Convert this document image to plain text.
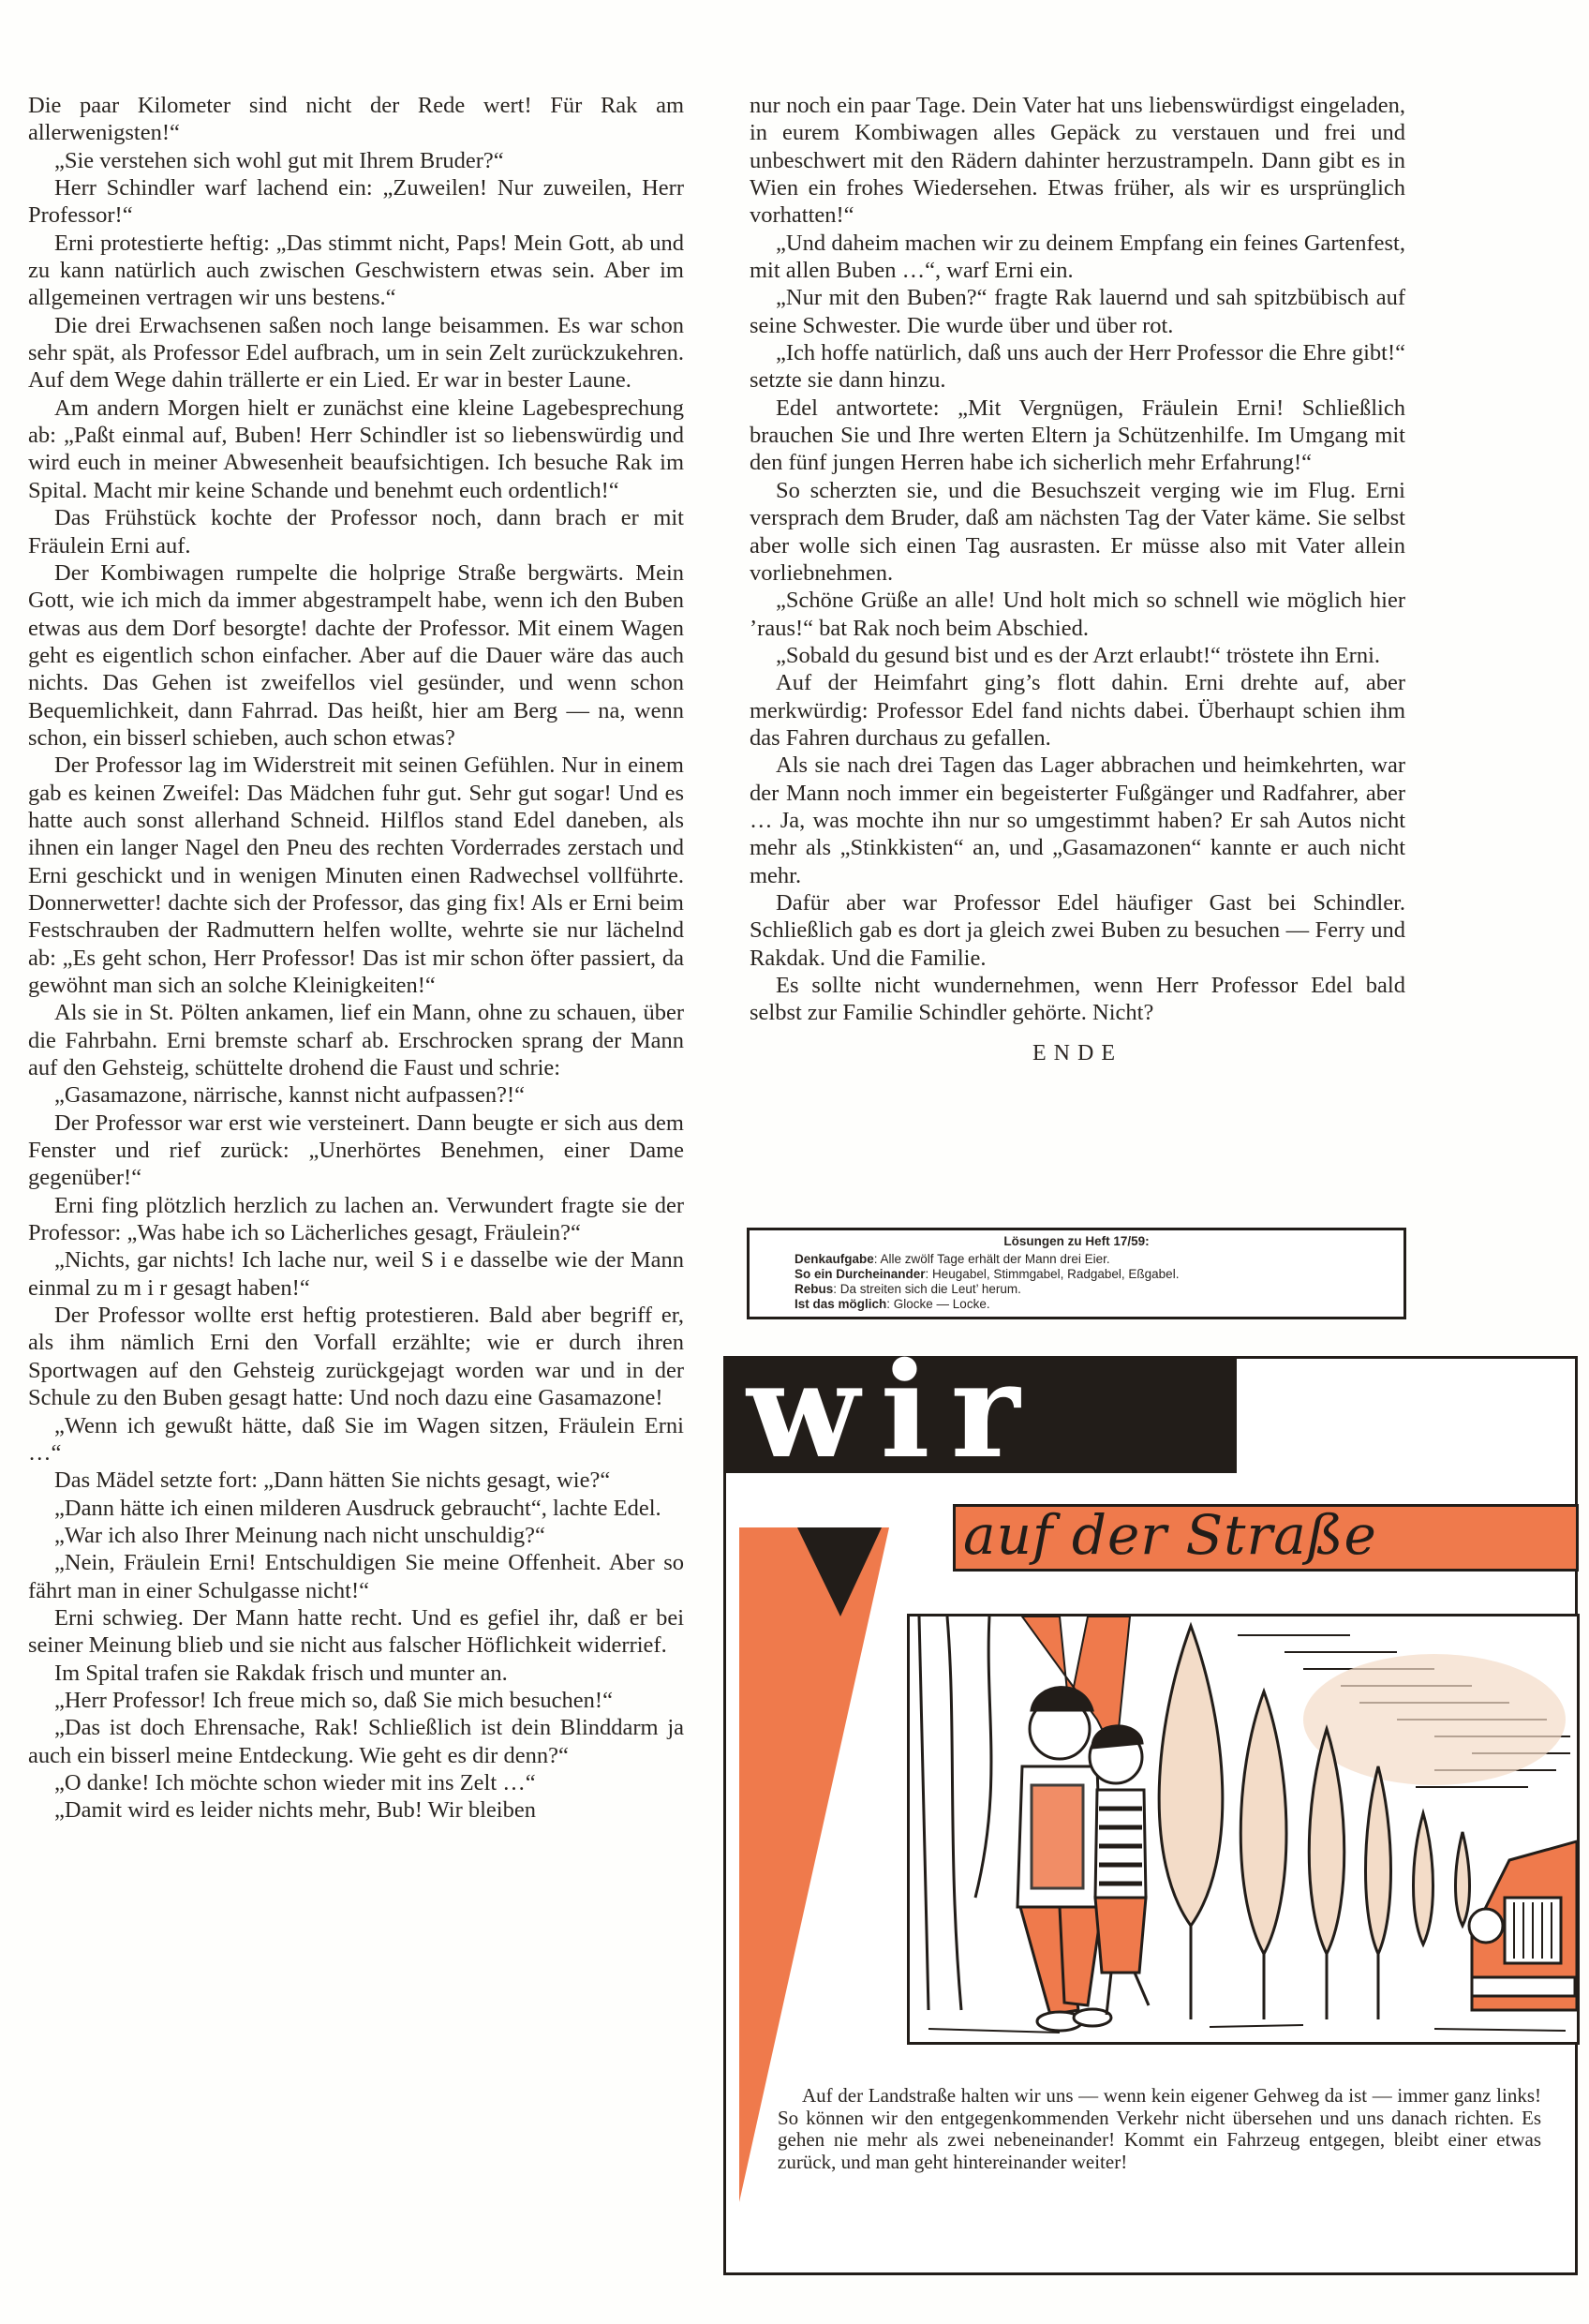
Die paar Kilometer sind nicht der Rede wert! Für Rak am allerwenigsten!“

„Sie verstehen sich wohl gut mit Ihrem Bruder?“

Herr Schindler warf lachend ein: „Zuweilen! Nur zuweilen, Herr Professor!“

Erni protestierte heftig: „Das stimmt nicht, Paps! Mein Gott, ab und zu kann natürlich auch zwischen Geschwistern etwas sein. Aber im allgemeinen vertragen wir uns bestens.“

Die drei Erwachsenen saßen noch lange beisammen. Es war schon sehr spät, als Professor Edel aufbrach, um in sein Zelt zurückzukehren. Auf dem Wege dahin trällerte er ein Lied. Er war in bester Laune.

Am andern Morgen hielt er zunächst eine kleine Lagebesprechung ab: „Paßt einmal auf, Buben! Herr Schindler ist so liebenswürdig und wird euch in meiner Abwesenheit beaufsichtigen. Ich besuche Rak im Spital. Macht mir keine Schande und benehmt euch ordentlich!“

Das Frühstück kochte der Professor noch, dann brach er mit Fräulein Erni auf.

Der Kombiwagen rumpelte die holprige Straße bergwärts. Mein Gott, wie ich mich da immer abgestrampelt habe, wenn ich den Buben etwas aus dem Dorf besorgte! dachte der Professor. Mit einem Wagen geht es eigentlich schon einfacher. Aber auf die Dauer wäre das auch nichts. Das Gehen ist zweifellos viel gesünder, und wenn schon Bequemlichkeit, dann Fahrrad. Das heißt, hier am Berg — na, wenn schon, ein bisserl schieben, auch schon etwas?

Der Professor lag im Widerstreit mit seinen Gefühlen. Nur in einem gab es keinen Zweifel: Das Mädchen fuhr gut. Sehr gut sogar! Und es hatte auch sonst allerhand Schneid. Hilflos stand Edel daneben, als ihnen ein langer Nagel den Pneu des rechten Vorderrades zerstach und Erni geschickt und in wenigen Minuten einen Radwechsel vollführte. Donnerwetter! dachte sich der Professor, das ging fix! Als er Erni beim Festschrauben der Radmuttern helfen wollte, wehrte sie nur lächelnd ab: „Es geht schon, Herr Professor! Das ist mir schon öfter passiert, da gewöhnt man sich an solche Kleinigkeiten!“

Als sie in St. Pölten ankamen, lief ein Mann, ohne zu schauen, über die Fahrbahn. Erni bremste scharf ab. Erschrocken sprang der Mann auf den Gehsteig, schüttelte drohend die Faust und schrie:

„Gasamazone, närrische, kannst nicht aufpassen?!“

Der Professor war erst wie versteinert. Dann beugte er sich aus dem Fenster und rief zurück: „Unerhörtes Benehmen, einer Dame gegenüber!“

Erni fing plötzlich herzlich zu lachen an. Verwundert fragte sie der Professor: „Was habe ich so Lächerliches gesagt, Fräulein?“

„Nichts, gar nichts! Ich lache nur, weil S i e dasselbe wie der Mann einmal zu m i r gesagt haben!“

Der Professor wollte erst heftig protestieren. Bald aber begriff er, als ihm nämlich Erni den Vorfall erzählte; wie er durch ihren Sportwagen auf den Gehsteig zurückgejagt worden war und in der Schule zu den Buben gesagt hatte: Und noch dazu eine Gasamazone!

„Wenn ich gewußt hätte, daß Sie im Wagen sitzen, Fräulein Erni …“

Das Mädel setzte fort: „Dann hätten Sie nichts gesagt, wie?“

„Dann hätte ich einen milderen Ausdruck gebraucht“, lachte Edel.

„War ich also Ihrer Meinung nach nicht unschuldig?“

„Nein, Fräulein Erni! Entschuldigen Sie meine Offenheit. Aber so fährt man in einer Schulgasse nicht!“

Erni schwieg. Der Mann hatte recht. Und es gefiel ihr, daß er bei seiner Meinung blieb und sie nicht aus falscher Höflichkeit widerrief.

Im Spital trafen sie Rakdak frisch und munter an.

„Herr Professor! Ich freue mich so, daß Sie mich besuchen!“

„Das ist doch Ehrensache, Rak! Schließlich ist dein Blinddarm ja auch ein bisserl meine Entdeckung. Wie geht es dir denn?“

„O danke! Ich möchte schon wieder mit ins Zelt …“

„Damit wird es leider nichts mehr, Bub! Wir bleiben

nur noch ein paar Tage. Dein Vater hat uns liebenswürdigst eingeladen, in eurem Kombiwagen alles Gepäck zu verstauen und frei und unbeschwert mit den Rädern dahinter herzustrampeln. Dann gibt es in Wien ein frohes Wiedersehen. Etwas früher, als wir es ursprünglich vorhatten!“

„Und daheim machen wir zu deinem Empfang ein feines Gartenfest, mit allen Buben …“, warf Erni ein.

„Nur mit den Buben?“ fragte Rak lauernd und sah spitzbübisch auf seine Schwester. Die wurde über und über rot.

„Ich hoffe natürlich, daß uns auch der Herr Professor die Ehre gibt!“ setzte sie dann hinzu.

Edel antwortete: „Mit Vergnügen, Fräulein Erni! Schließlich brauchen Sie und Ihre werten Eltern ja Schützenhilfe. Im Umgang mit den fünf jungen Herren habe ich sicherlich mehr Erfahrung!“

So scherzten sie, und die Besuchszeit verging wie im Flug. Erni versprach dem Bruder, daß am nächsten Tag der Vater käme. Sie selbst aber wolle sich einen Tag ausrasten. Er müsse also mit Vater allein vorliebnehmen.

„Schöne Grüße an alle! Und holt mich so schnell wie möglich hier ’raus!“ bat Rak noch beim Abschied.

„Sobald du gesund bist und es der Arzt erlaubt!“ tröstete ihn Erni.

Auf der Heimfahrt ging’s flott dahin. Erni drehte auf, aber merkwürdig: Professor Edel fand nichts dabei. Überhaupt schien ihm das Fahren durchaus zu gefallen.

Als sie nach drei Tagen das Lager abbrachen und heimkehrten, war der Mann noch immer ein begeisterter Fußgänger und Radfahrer, aber … Ja, was mochte ihn nur so umgestimmt haben? Er sah Autos nicht mehr als „Stinkkisten“ an, und „Gasamazonen“ kannte er auch nicht mehr.

Dafür aber war Professor Edel häufiger Gast bei Schindler. Schließlich gab es dort ja gleich zwei Buben zu besuchen — Ferry und Rakdak. Und die Familie.

Es sollte nicht wundernehmen, wenn Herr Professor Edel bald selbst zur Familie Schindler gehörte. Nicht?

ENDE

Lösungen zu Heft 17/59:
Denkaufgabe: Alle zwölf Tage erhält der Mann drei Eier.
So ein Durcheinander: Heugabel, Stimmgabel, Radgabel, Eßgabel.
Rebus: Da streiten sich die Leut’ herum.
Ist das möglich: Glocke — Locke.
wir
auf der Straße

Auf der Landstraße halten wir uns — wenn kein eigener Gehweg da ist — immer ganz links! So können wir den entgegenkommenden Verkehr nicht übersehen und uns danach richten. Es gehen nie mehr als zwei nebeneinander! Kommt ein Fahrzeug entgegen, bleibt einer etwas zurück, und man geht hintereinander weiter!
